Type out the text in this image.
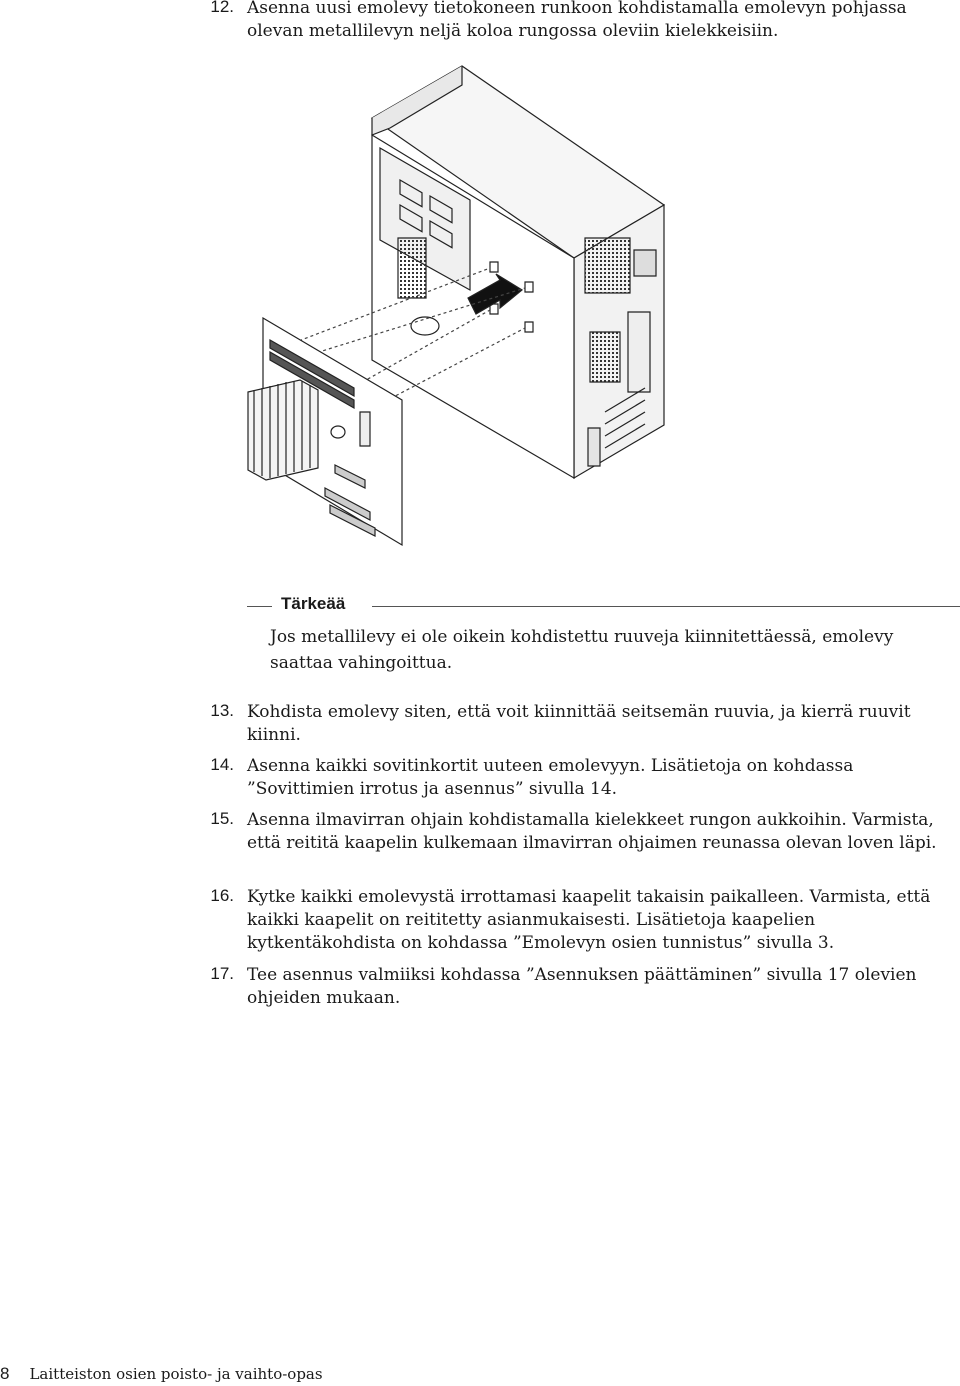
12. Asenna uusi emolevy tietokoneen runkoon kohdistamalla emolevyn pohjassa olevan metallilevyn neljä koloa rungossa oleviin kielekkeisiin.
Tärkeää
Jos metallilevy ei ole oikein kohdistettu ruuveja kiinnitettäessä, emolevy saattaa vahingoittua.
13. Kohdista emolevy siten, että voit kiinnittää seitsemän ruuvia, ja kierrä ruuvit kiinni.
14. Asenna kaikki sovitinkortit uuteen emolevyyn. Lisätietoja on kohdassa ”Sovittimien irrotus ja asennus” sivulla 14.
15. Asenna ilmavirran ohjain kohdistamalla kielekkeet rungon aukkoihin. Varmista, että reititä kaapelin kulkemaan ilmavirran ohjaimen reunassa olevan loven läpi.
16. Kytke kaikki emolevystä irrottamasi kaapelit takaisin paikalleen. Varmista, että kaikki kaapelit on reititetty asianmukaisesti. Lisätietoja kaapelien kytkentäkohdista on kohdassa ”Emolevyn osien tunnistus” sivulla 3.
17. Tee asennus valmiiksi kohdassa ”Asennuksen päättäminen” sivulla 17 olevien ohjeiden mukaan.
8 Laitteiston osien poisto- ja vaihto-opas
